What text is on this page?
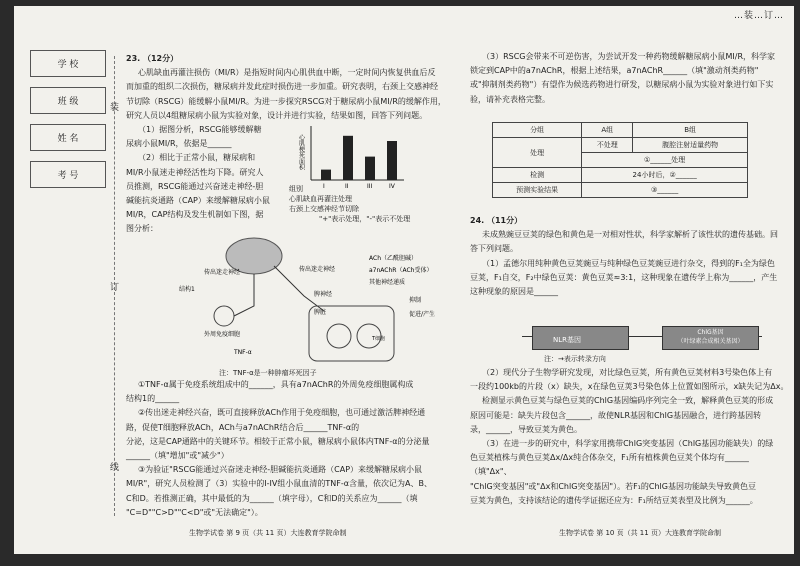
…装…订…
学 校

班 级

姓 名

考 号
装
订
线

23. （12分）

心肌缺血再灌注损伤（MI/R）是指短时间内心肌供血中断，一定时间内恢复供血后反

而加重的组织二次损伤，糖尿病并发此症时损伤进一步加重。研究表明，右颈上交感神经

节切除（RSCG）能缓解小鼠MI/R。为进一步探究RSCG对于糖尿病小鼠MI/R的缓解作用，

研究人员以4组糖尿病小鼠为实验对象，设计并进行实验，结果如图，回答下列问题。

（1）据图分析，RSCG能够缓解糖

尿病小鼠MI/R，依据是______

（2）相比于正常小鼠，糖尿病和

MI/R小鼠迷走神经活性均下降。研究人

员推测，RSCG能通过兴奋迷走神经-胆

碱能抗炎通路（CAP）来缓解糖尿病小鼠

MI/R，CAP结构及发生机制如下图，据

图分析：

心肌梗死面积
I	II	III	IV
组别
心肌缺血再灌注处理
右颈上交感神经节切除
"+"表示处理，"-"表示不处理
结构1
传出迷走神经	传出迷走神经
脾神经
脾脏
T细胞
外周免疫细胞
TNF-α
ACh（乙酰胆碱）
a7nAChR（ACh受体）
其他神经递质
抑制
促进/产生
注：TNF-α是一种肿瘤坏死因子

①TNF-α属于免疫系统组成中的______，具有a7nAChR的外周免疫细胞属构成

结构1的______

②传出迷走神经兴奋，既可直接释放ACh作用于免疫细胞，也可通过激活脾神经通

路，促使T细胞释放ACh，ACh与a7nAChR结合后______TNF-α的

分泌，这是CAP通路中的关键环节。相较于正常小鼠，糖尿病小鼠体内TNF-α的分泌量

______（填"增加"或"减少"）

③为验证"RSCG能通过兴奋迷走神经-胆碱能抗炎通路（CAP）来缓解糖尿病小鼠

MI/R"，研究人员检测了（3）实验中的I-IV组小鼠血清的TNF-α含量，依次记为A、B、

C和D。若推测正确，其中最低的为______（填字母），C和D的关系应为______（填

"C=D""C>D""C<D"或"无法确定"）。

生物学试卷 第 9 页（共 11 页）大连教育学院命制

（3）RSCG会带来不可逆伤害，为尝试开发一种药物缓解糖尿病小鼠MI/R，科学家

锁定到CAP中的a7nAChR，根据上述结果，a7nAChR______（填"激动剂类药物"

或"抑制剂类药物"）有望作为候选药物进行研发，以糖尿病小鼠为实验对象进行如下实

验，请补充表格完整。

分组	A组	B组
处理	不处理	腹腔注射适量药物
	①______处理	
检测	24小时后，②______	
预测实验结果	③______	

24. （11分）

未成熟豌豆豆荚的绿色和黄色是一对相对性状，科学家解析了该性状的遗传基础。回

答下列问题。

（1）孟德尔用纯种黄色豆荚豌豆与纯种绿色豆荚豌豆进行杂交，得到的F₁全为绿色

豆荚，F₁自交，F₂中绿色豆荚：黄色豆荚≈3:1，这种现象在遗传学上称为______，产生

这种现象的原因是______

NLR基因
ChlG基因
（叶绿素合成相关基因）
注：→表示转录方向

（2）现代分子生物学研究发现，对比绿色豆荚，所有黄色豆荚材料3号染色体上有

一段约100kb的片段（x）缺失，x在绿色豆荚3号染色体上位置如图所示，x缺失记为Δx。

检测显示黄色豆荚与绿色豆荚的ChlG基因编码序列完全一致，解释黄色豆荚的形成

原因可能是：缺失片段包含______，故使NLR基因和ChlG基因融合，进行跨基因转

录，______，导致豆荚为黄色。

（3）在进一步的研究中，科学家用携带ChlG突变基因（ChlG基因功能缺失）的绿

色豆荚植株与黄色豆荚Δx/Δx纯合体杂交，F₁所有植株黄色豆荚个体均有______（填"Δx"、

"ChlG突变基因"或"Δx和ChlG突变基因"）。若F₁的ChlG基因功能缺失导致黄色豆

豆荚为黄色，支持该结论的遗传学证据还应为：F₁所结豆荚表型及比例为______。

生物学试卷 第 10 页（共 11 页）大连教育学院命制
